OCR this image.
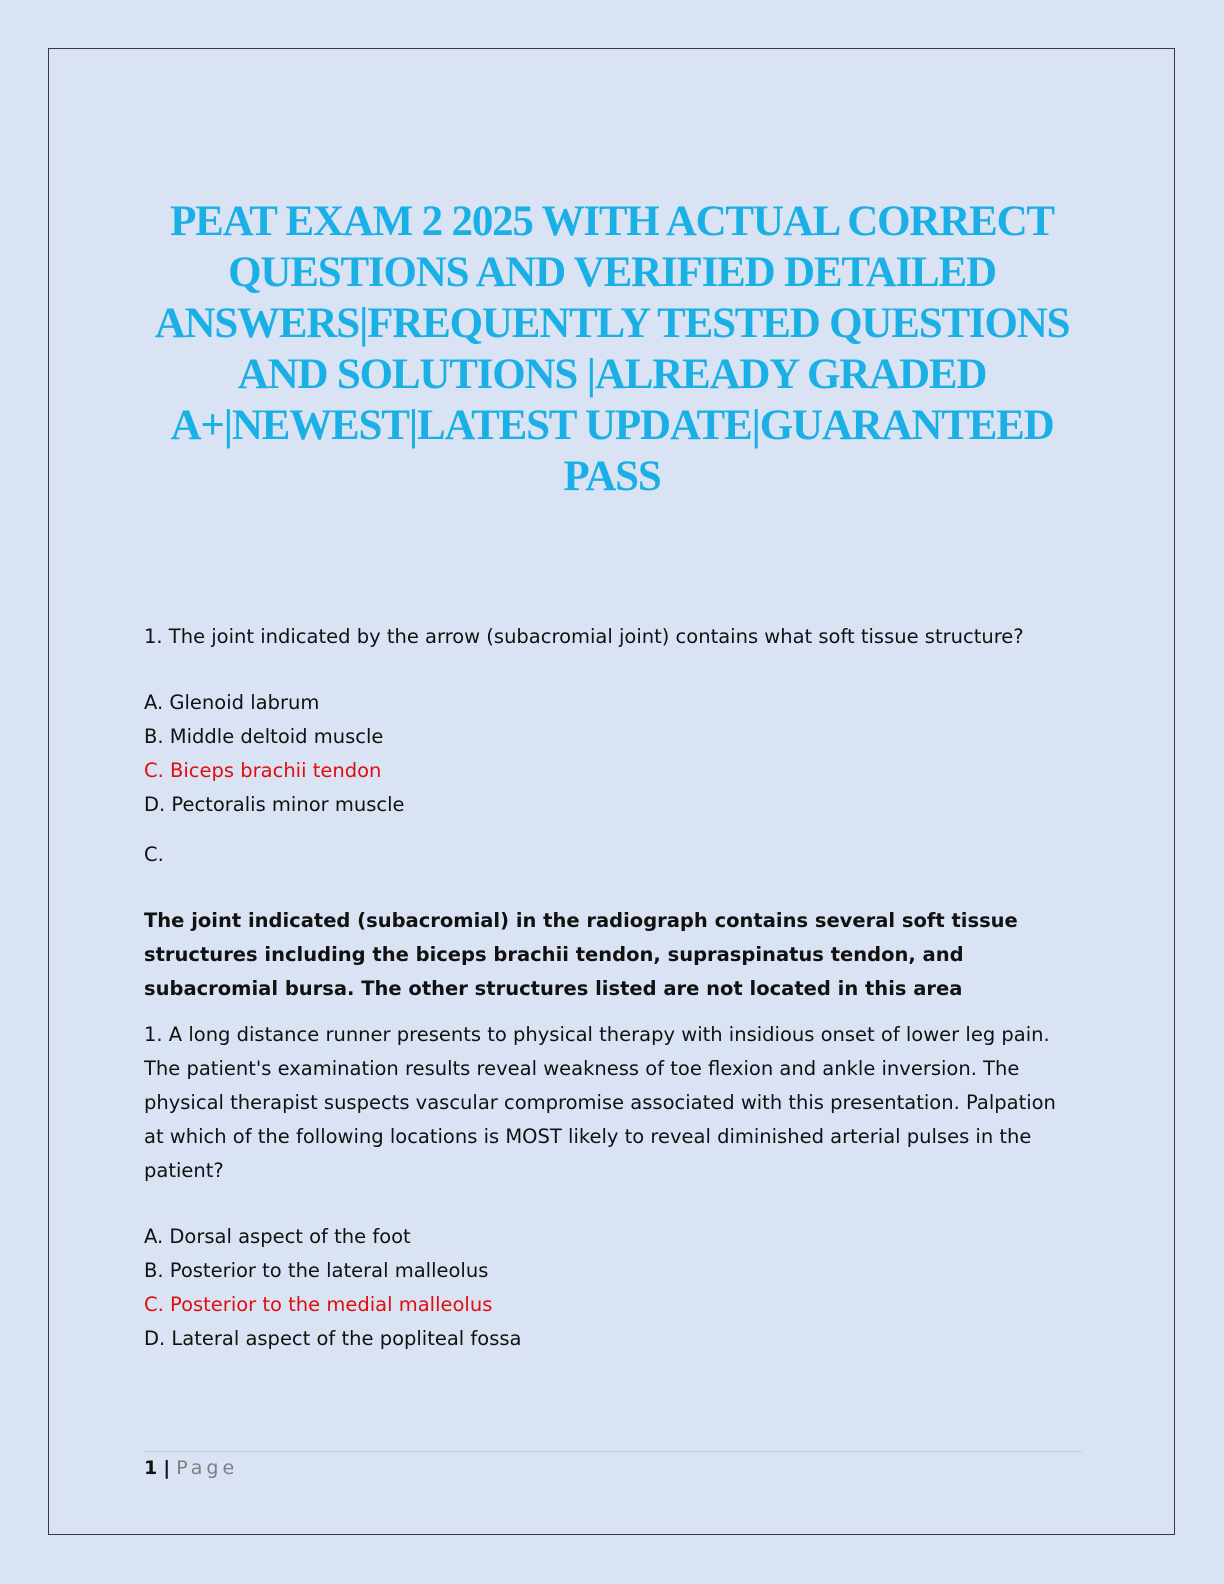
PEAT EXAM 2 2025 WITH ACTUAL CORRECT QUESTIONS AND VERIFIED DETAILED ANSWERS|FREQUENTLY TESTED QUESTIONS AND SOLUTIONS |ALREADY GRADED A+|NEWEST|LATEST UPDATE|GUARANTEED PASS

1. The joint indicated by the arrow (subacromial joint) contains what soft tissue structure?

A. Glenoid labrum

B. Middle deltoid muscle

C. Biceps brachii tendon

D. Pectoralis minor muscle

C.

The joint indicated (subacromial) in the radiograph contains several soft tissue structures including the biceps brachii tendon, supraspinatus tendon, and subacromial bursa. The other structures listed are not located in this area

1. A long distance runner presents to physical therapy with insidious onset of lower leg pain. The patient's examination results reveal weakness of toe flexion and ankle inversion. The physical therapist suspects vascular compromise associated with this presentation. Palpation at which of the following locations is MOST likely to reveal diminished arterial pulses in the patient?

A. Dorsal aspect of the foot

B. Posterior to the lateral malleolus

C. Posterior to the medial malleolus

D. Lateral aspect of the popliteal fossa

1 | Page
